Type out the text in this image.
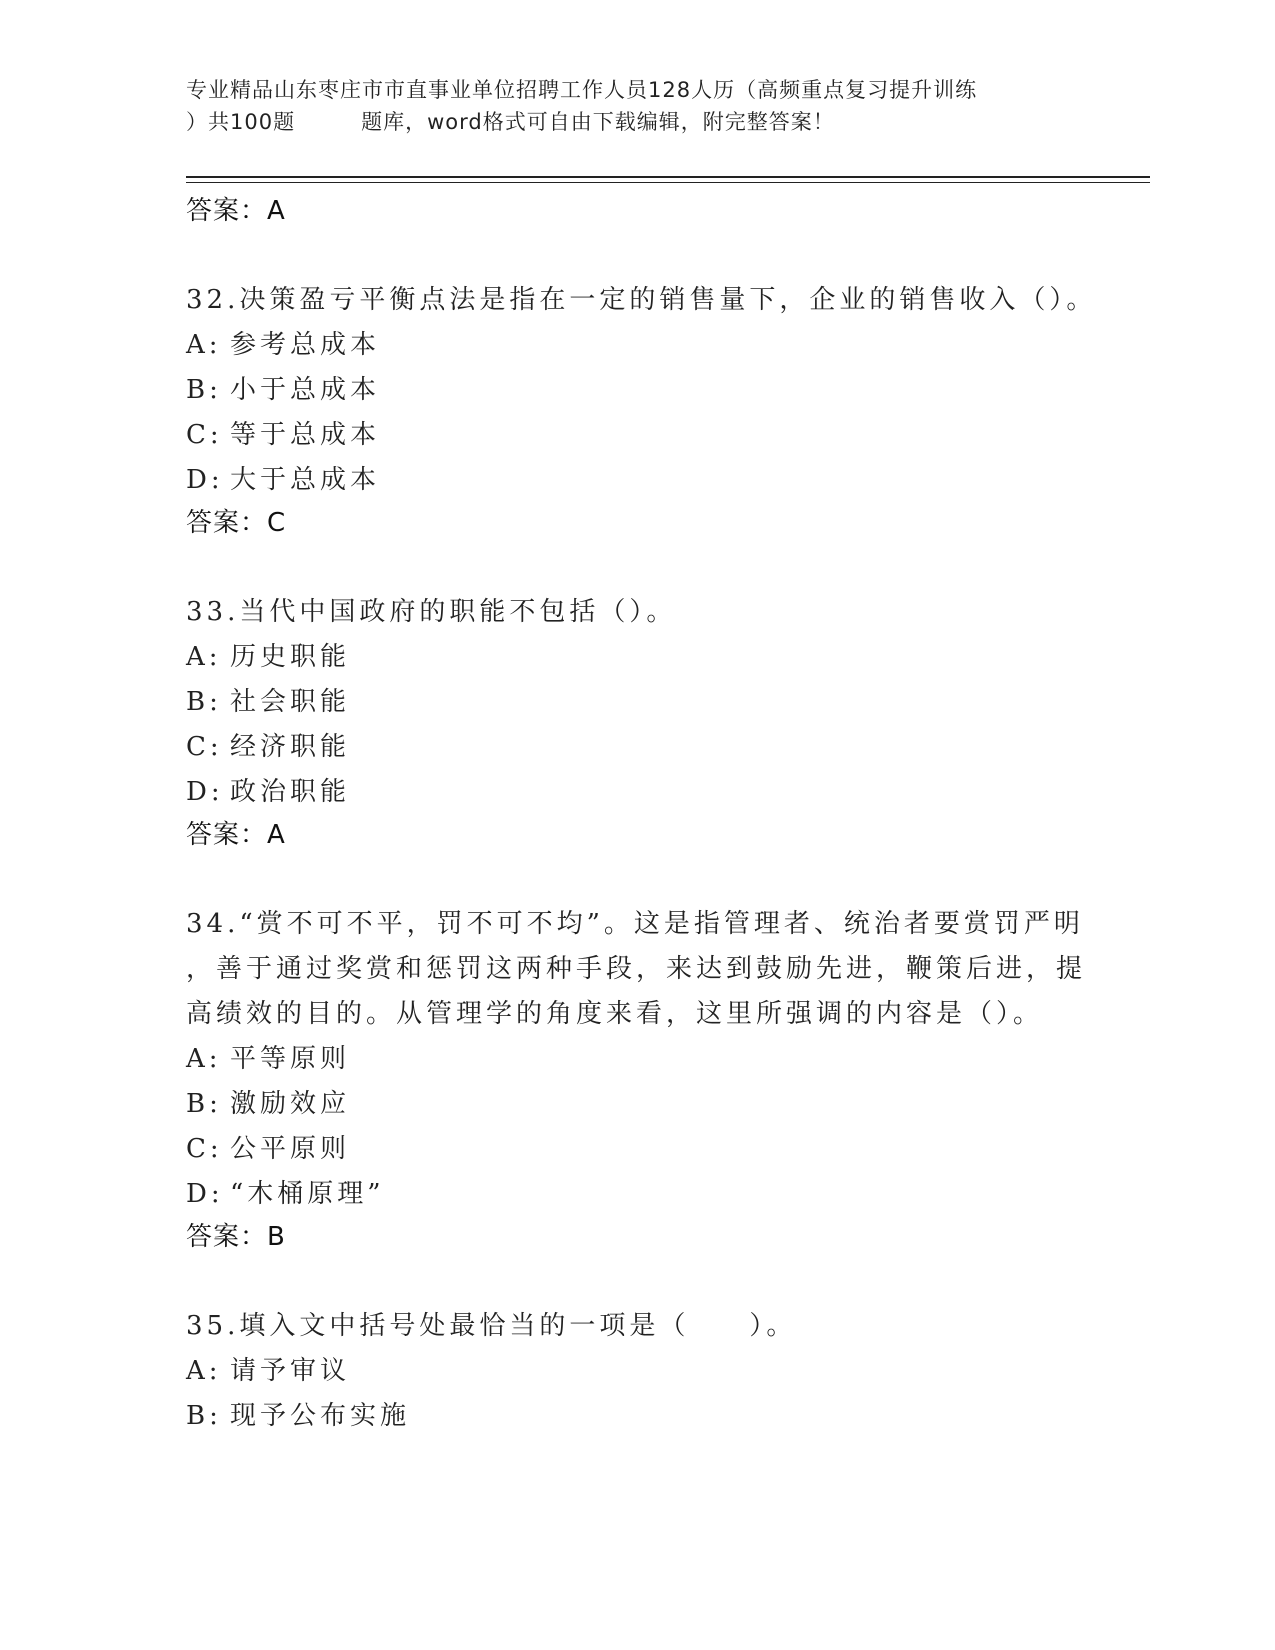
专业精品山东枣庄市市直事业单位招聘工作人员128人历（高频重点复习提升训练
）共100题	题库，word格式可自由下载编辑，附完整答案！
答案：A
32.决策盈亏平衡点法是指在一定的销售量下，企业的销售收入（）。
A: 参考总成本
B: 小于总成本
C: 等于总成本
D: 大于总成本
答案：C
33.当代中国政府的职能不包括（）。
A: 历史职能
B: 社会职能
C: 经济职能
D: 政治职能
答案：A
34.“赏不可不平，罚不可不均”。这是指管理者、统治者要赏罚严明
，善于通过奖赏和惩罚这两种手段，来达到鼓励先进，鞭策后进，提
高绩效的目的。从管理学的角度来看，这里所强调的内容是（）。
A: 平等原则
B: 激励效应
C: 公平原则
D: “木桶原理”
答案：B
35.填入文中括号处最恰当的一项是（　　）。
A: 请予审议
B: 现予公布实施
